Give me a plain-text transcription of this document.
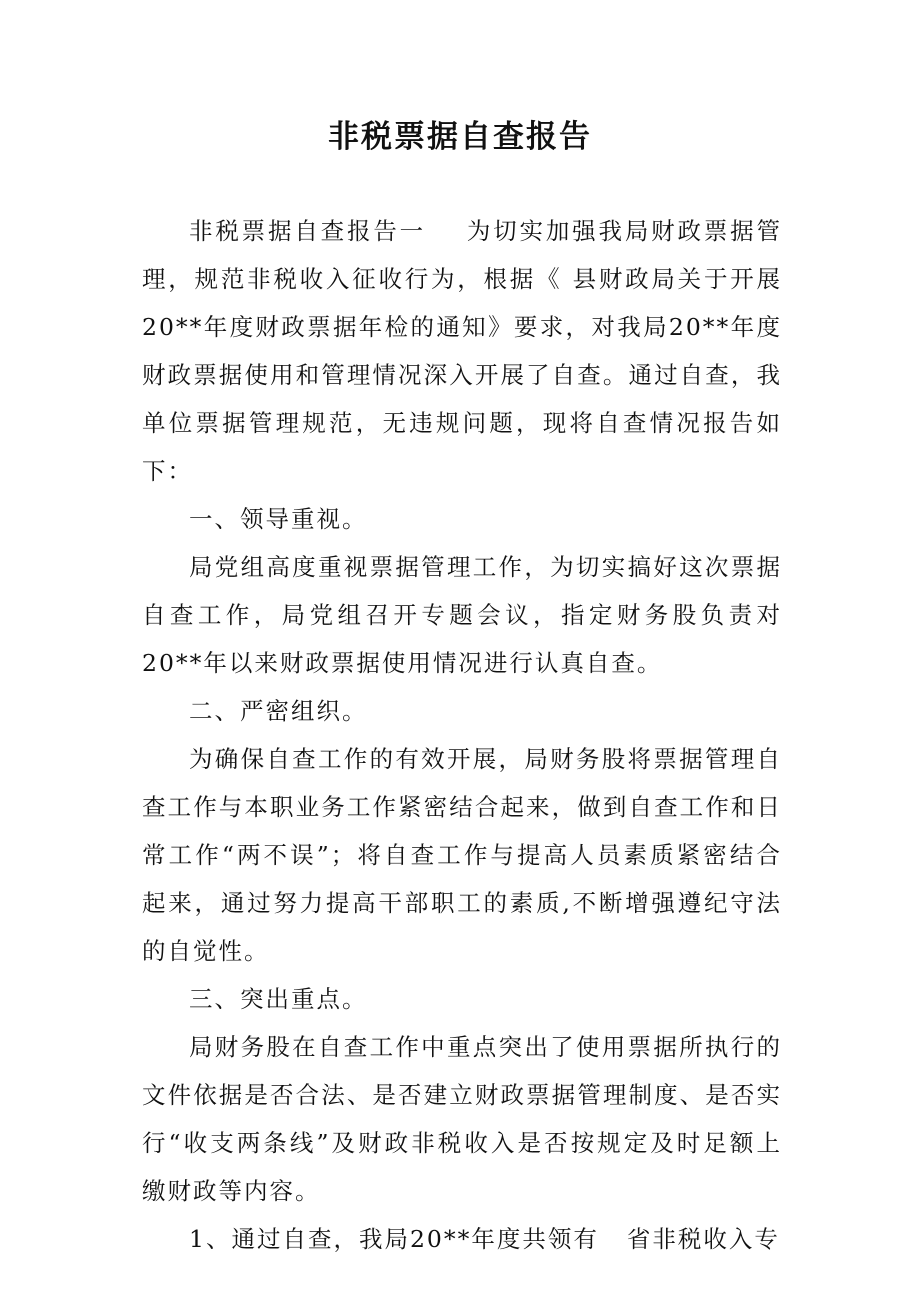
非税票据自查报告

非税票据自查报告一 为切实加强我局财政票据管理，规范非税收入征收行为，根据《 县财政局关于开展20**年度财政票据年检的通知》要求，对我局20**年度财政票据使用和管理情况深入开展了自查。通过自查，我单位票据管理规范，无违规问题，现将自查情况报告如下：

一、领导重视。

局党组高度重视票据管理工作，为切实搞好这次票据自查工作，局党组召开专题会议，指定财务股负责对20**年以来财政票据使用情况进行认真自查。

二、严密组织。

为确保自查工作的有效开展，局财务股将票据管理自查工作与本职业务工作紧密结合起来，做到自查工作和日常工作“两不误”；将自查工作与提高人员素质紧密结合起来，通过努力提高干部职工的素质,不断增强遵纪守法的自觉性。

三、突出重点。

局财务股在自查工作中重点突出了使用票据所执行的文件依据是否合法、是否建立财政票据管理制度、是否实行“收支两条线”及财政非税收入是否按规定及时足额上缴财政等内容。

1、通过自查，我局20**年度共领有 省非税收入专
